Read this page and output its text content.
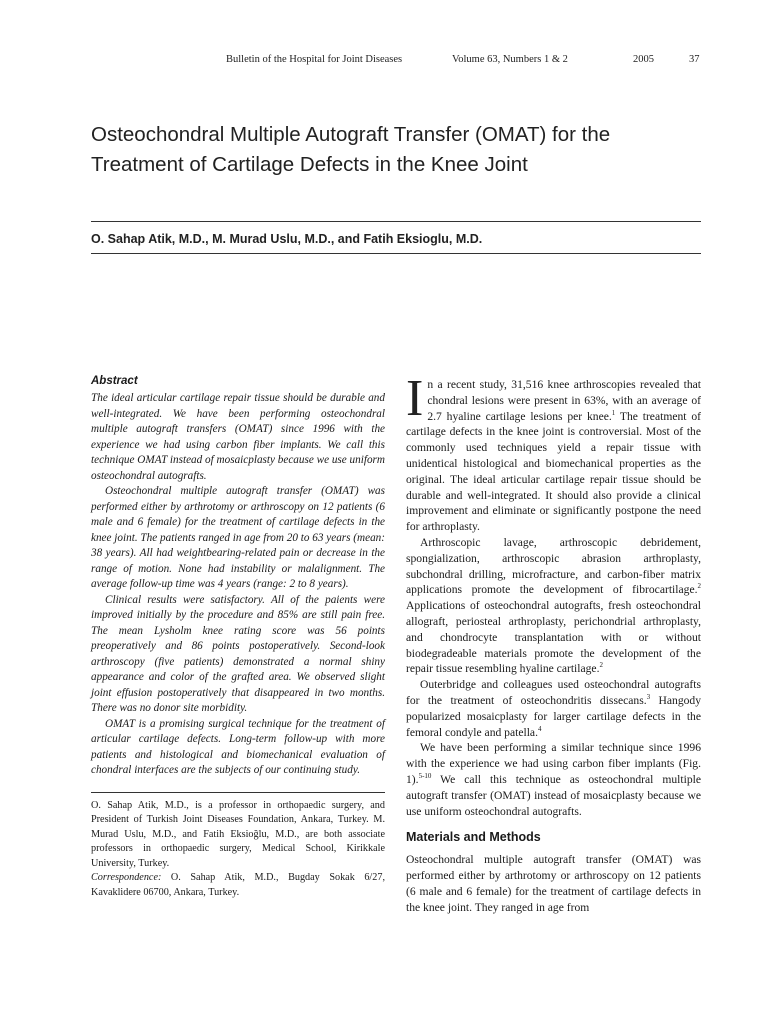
Bulletin of the Hospital for Joint Diseases	Volume 63, Numbers 1 & 2	2005	37
Osteochondral Multiple Autograft Transfer (OMAT) for the Treatment of Cartilage Defects in the Knee Joint
O. Sahap Atik, M.D., M. Murad Uslu, M.D., and Fatih Eksioglu, M.D.
Abstract

The ideal articular cartilage repair tissue should be durable and well-integrated. We have been performing osteochondral multiple autograft transfers (OMAT) since 1996 with the experience we had using carbon fiber implants. We call this technique OMAT instead of mosaicplasty because we use uniform osteochondral autografts.

Osteochondral multiple autograft transfer (OMAT) was performed either by arthrotomy or arthroscopy on 12 patients (6 male and 6 female) for the treatment of cartilage defects in the knee joint. The patients ranged in age from 20 to 63 years (mean: 38 years). All had weightbearing-related pain or decrease in the range of motion. None had instability or malalignment. The average follow-up time was 4 years (range: 2 to 8 years).

Clinical results were satisfactory. All of the paients were improved initially by the procedure and 85% are still pain free. The mean Lysholm knee rating score was 56 points preoperatively and 86 points postoperatively. Second-look arthroscopy (five patients) demonstrated a normal shiny appearance and color of the grafted area. We observed slight joint effusion postoperatively that disappeared in two months. There was no donor site morbidity.

OMAT is a promising surgical technique for the treatment of articular cartilage defects. Long-term follow-up with more patients and histological and biomechanical evaluation of chondral interfaces are the subjects of our continuing study.

O. Sahap Atik, M.D., is a professor in orthopaedic surgery, and President of Turkish Joint Diseases Foundation, Ankara, Turkey. M. Murad Uslu, M.D., and Fatih Eksioğlu, M.D., are both associate professors in orthopaedic surgery, Medical School, Kirikkale University, Turkey.

Correspondence: O. Sahap Atik, M.D., Bugday Sokak 6/27, Kavaklidere 06700, Ankara, Turkey.

In a recent study, 31,516 knee arthroscopies revealed that chondral lesions were present in 63%, with an average of 2.7 hyaline cartilage lesions per knee.$^1$ The treatment of cartilage defects in the knee joint is controversial. Most of the commonly used techniques yield a repair tissue with unidentical histological and biomechanical properties as the original. The ideal articular cartilage repair tissue should be durable and well-integrated. It should also provide a clinical improvement and eliminate or significantly postpone the need for arthroplasty.

Arthroscopic lavage, arthroscopic debridement, spongialization, arthroscopic abrasion arthroplasty, subchondral drilling, microfracture, and carbon-fiber matrix applications promote the development of fibrocartilage.$^2$ Applications of osteochondral autografts, fresh osteochondral allograft, periosteal arthroplasty, perichondrial arthroplasty, and chondrocyte transplantation with or without biodegradeable materials promote the development of the repair tissue resembling hyaline cartilage.$^2$

Outerbridge and colleagues used osteochondral autografts for the treatment of osteochondritis dissecans.$^3$ Hangody popularized mosaicplasty for larger cartilage defects in the femoral condyle and patella.$^4$

We have been performing a similar technique since 1996 with the experience we had using carbon fiber implants (Fig. 1).$^{5-10}$ We call this technique as osteochondral multiple autograft transfer (OMAT) instead of mosaicplasty because we use uniform osteochondral autografts.

Materials and Methods

Osteochondral multiple autograft transfer (OMAT) was performed either by arthrotomy or arthroscopy on 12 patients (6 male and 6 female) for the treatment of cartilage defects in the knee joint. They ranged in age from
